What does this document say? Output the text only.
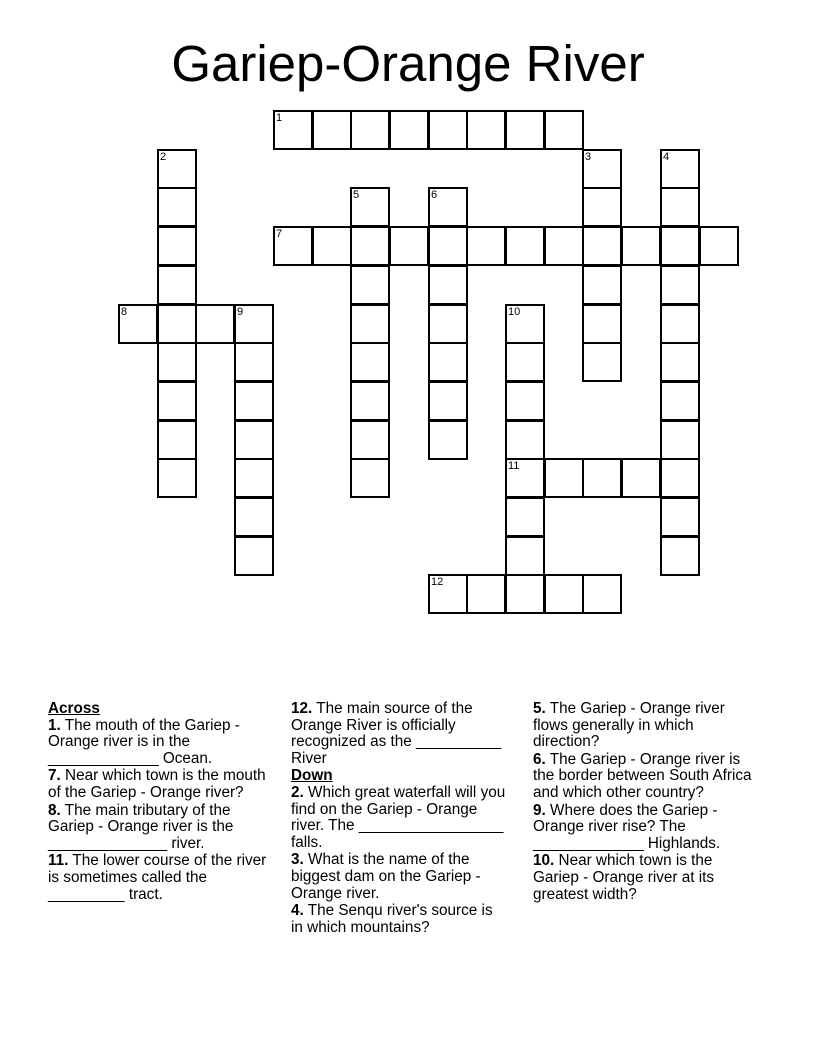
Gariep-Orange River
1
2	3	4
5	6
7
8	9	10
11
12
Across
1. The mouth of the Gariep - Orange river is in the _____________ Ocean.
7. Near which town is the mouth of the Gariep - Orange river?
8. The main tributary of the Gariep - Orange river is the ______________ river.
11. The lower course of the river is sometimes called the _________ tract.
12. The main source of the Orange River is officially recognized as the __________ River
Down
2. Which great waterfall will you find on the Gariep - Orange river. The _________________ falls.
3. What is the name of the biggest dam on the Gariep - Orange river.
4. The Senqu river's source is in which mountains?
5. The Gariep - Orange river flows generally in which direction?
6. The Gariep - Orange river is the border between South Africa and which other country?
9. Where does the Gariep - Orange river rise? The _____________ Highlands.
10. Near which town is the Gariep - Orange river at its greatest width?
